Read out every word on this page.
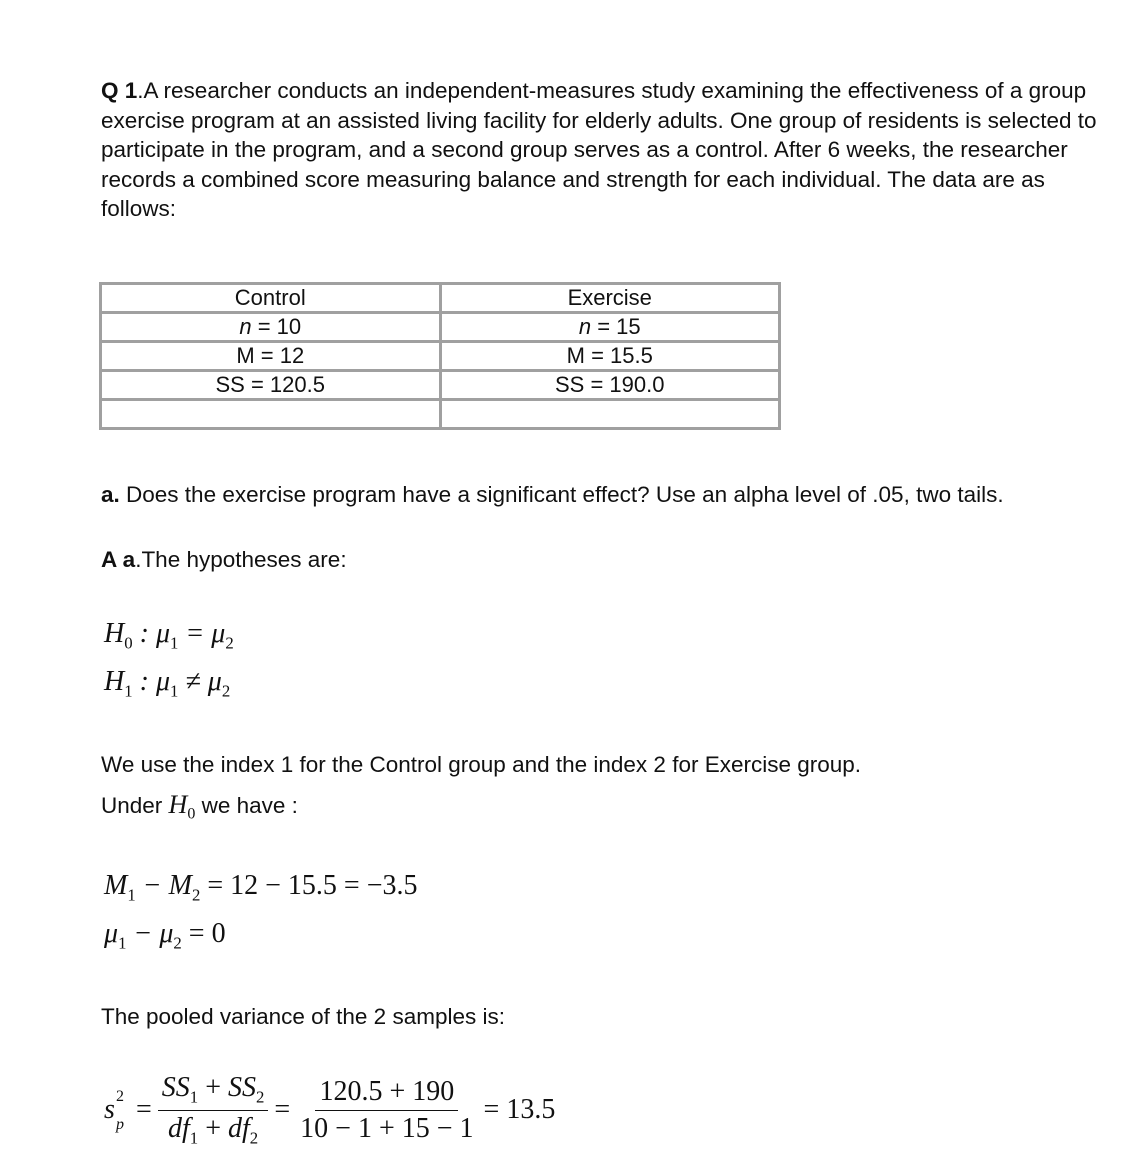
Q 1.A researcher conducts an independent-measures study examining the effectiveness of a group exercise program at an assisted living facility for elderly adults. One group of residents is selected to participate in the program, and a second group serves as a control. After 6 weeks, the researcher records a combined score measuring balance and strength for each individual. The data are as follows:
Control	Exercise
n = 10	n = 15
M = 12	M = 15.5
SS = 120.5	SS = 190.0

a. Does the exercise program have a significant effect? Use an alpha level of .05, two tails.
A a.The hypotheses are:
$H_0$ : $\mu_1 = \mu_2$
$H_1$ : $\mu_1 \ne \mu_2$
We use the index 1 for the Control group and the index 2 for Exercise group.
Under $H_0$ we have :
$M_1 - M_2 = 12 - 15.5 = -3.5$
$\mu_1 - \mu_2 = 0$
The pooled variance of the 2 samples is:
s 2
$p = \frac{SS_1 + SS_2}{df_1 + df_2} = \frac{120.5 + 190}{10 - 1 + 15 - 1} = 13.5$
